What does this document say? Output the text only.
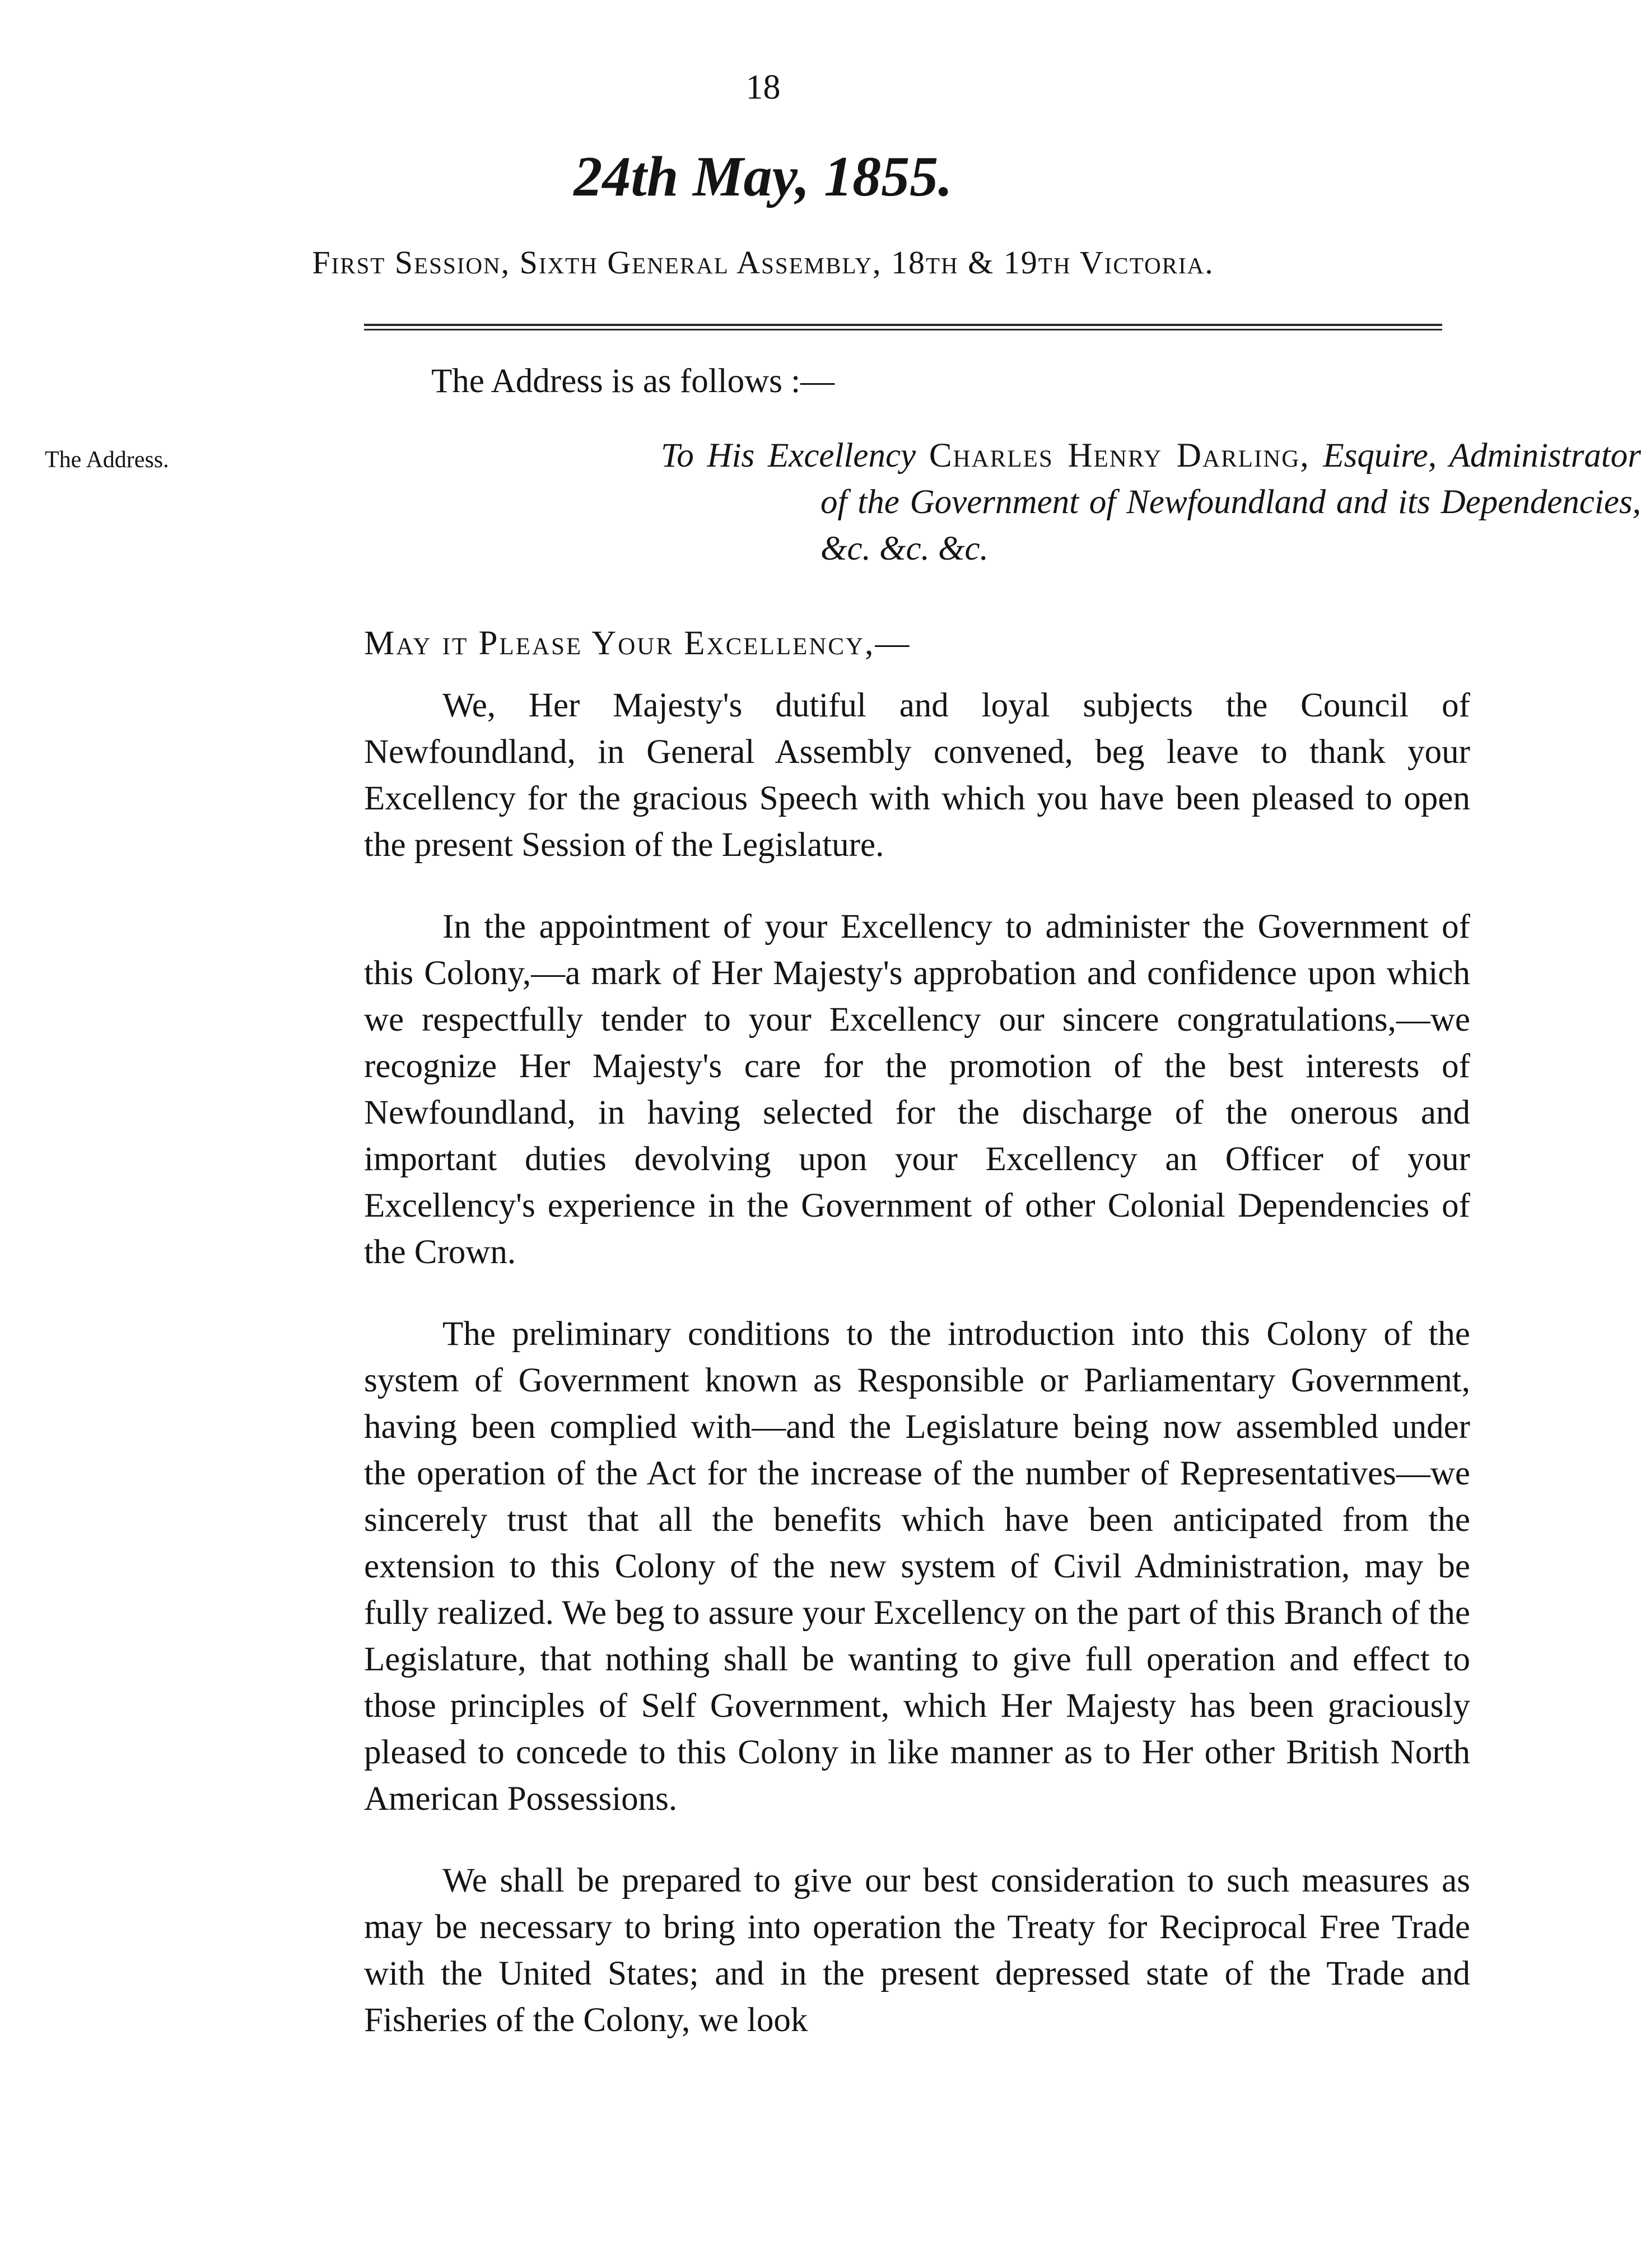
18
24th May, 1855.
First Session, Sixth General Assembly, 18th & 19th Victoria.
The Address.
The Address is as follows :—
To His Excellency Charles Henry Darling, Esquire, Administrator of the Government of Newfoundland and its Dependencies, &c. &c. &c.
May it Please Your Excellency,—

We, Her Majesty's dutiful and loyal subjects the Council of Newfoundland, in General Assembly convened, beg leave to thank your Excellency for the gracious Speech with which you have been pleased to open the present Session of the Legislature.

In the appointment of your Excellency to administer the Government of this Colony,—a mark of Her Majesty's approbation and confidence upon which we respectfully tender to your Excellency our sincere congratulations,—we recognize Her Majesty's care for the promotion of the best interests of Newfoundland, in having selected for the discharge of the onerous and important duties devolving upon your Excellency an Officer of your Excellency's experience in the Government of other Colonial Dependencies of the Crown.

The preliminary conditions to the introduction into this Colony of the system of Government known as Responsible or Parliamentary Government, having been complied with—and the Legislature being now assembled under the operation of the Act for the increase of the number of Representatives—we sincerely trust that all the benefits which have been anticipated from the extension to this Colony of the new system of Civil Administration, may be fully realized. We beg to assure your Excellency on the part of this Branch of the Legislature, that nothing shall be wanting to give full operation and effect to those principles of Self Government, which Her Majesty has been graciously pleased to concede to this Colony in like manner as to Her other British North American Possessions.

We shall be prepared to give our best consideration to such measures as may be necessary to bring into operation the Treaty for Reciprocal Free Trade with the United States; and in the present depressed state of the Trade and Fisheries of the Colony, we look
